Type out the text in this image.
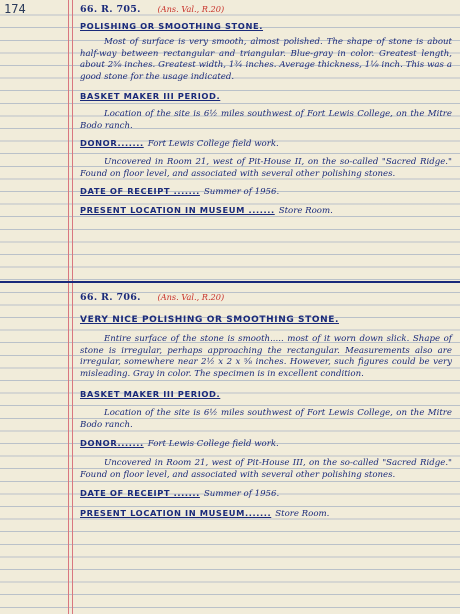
174	66. R. 705. (Ans. Val., R.20)

POLISHING OR SMOOTHING STONE.

Most of surface is very smooth, almost polished. The shape of stone is about half-way between rectangular and triangular. Blue-gray in color. Greatest length, about 2⅝ inches. Greatest width, 1¾ inches. Average thickness, 1⅛ inch. This was a good stone for the usage indicated.

BASKET MAKER III PERIOD.

Location of the site is 6½ miles southwest of Fort Lewis College, on the Mitre Bodo ranch.

DONOR....... Fort Lewis College field work.

Uncovered in Room 21, west of Pit-House II, on the so-called "Sacred Ridge." Found on floor level, and associated with several other polishing stones.

DATE OF RECEIPT ....... Summer of 1956.

PRESENT LOCATION IN MUSEUM ....... Store Room.

66. R. 706. (Ans. Val., R.20)

VERY NICE POLISHING OR SMOOTHING STONE.

Entire surface of the stone is smooth..... most of it worn down slick. Shape of stone is irregular, perhaps approaching the rectangular. Measurements also are irregular, somewhere near 2½ x 2 x ⅝ inches. However, such figures could be very misleading. Gray in color. The specimen is in excellent condition.

BASKET MAKER III PERIOD.

Location of the site is 6½ miles southwest of Fort Lewis College, on the Mitre Bodo ranch.

DONOR....... Fort Lewis College field work.

Uncovered in Room 21, west of Pit-House III, on the so-called "Sacred Ridge." Found on floor level, and associated with several other polishing stones.

DATE OF RECEIPT ....... Summer of 1956.

PRESENT LOCATION IN MUSEUM....... Store Room.
